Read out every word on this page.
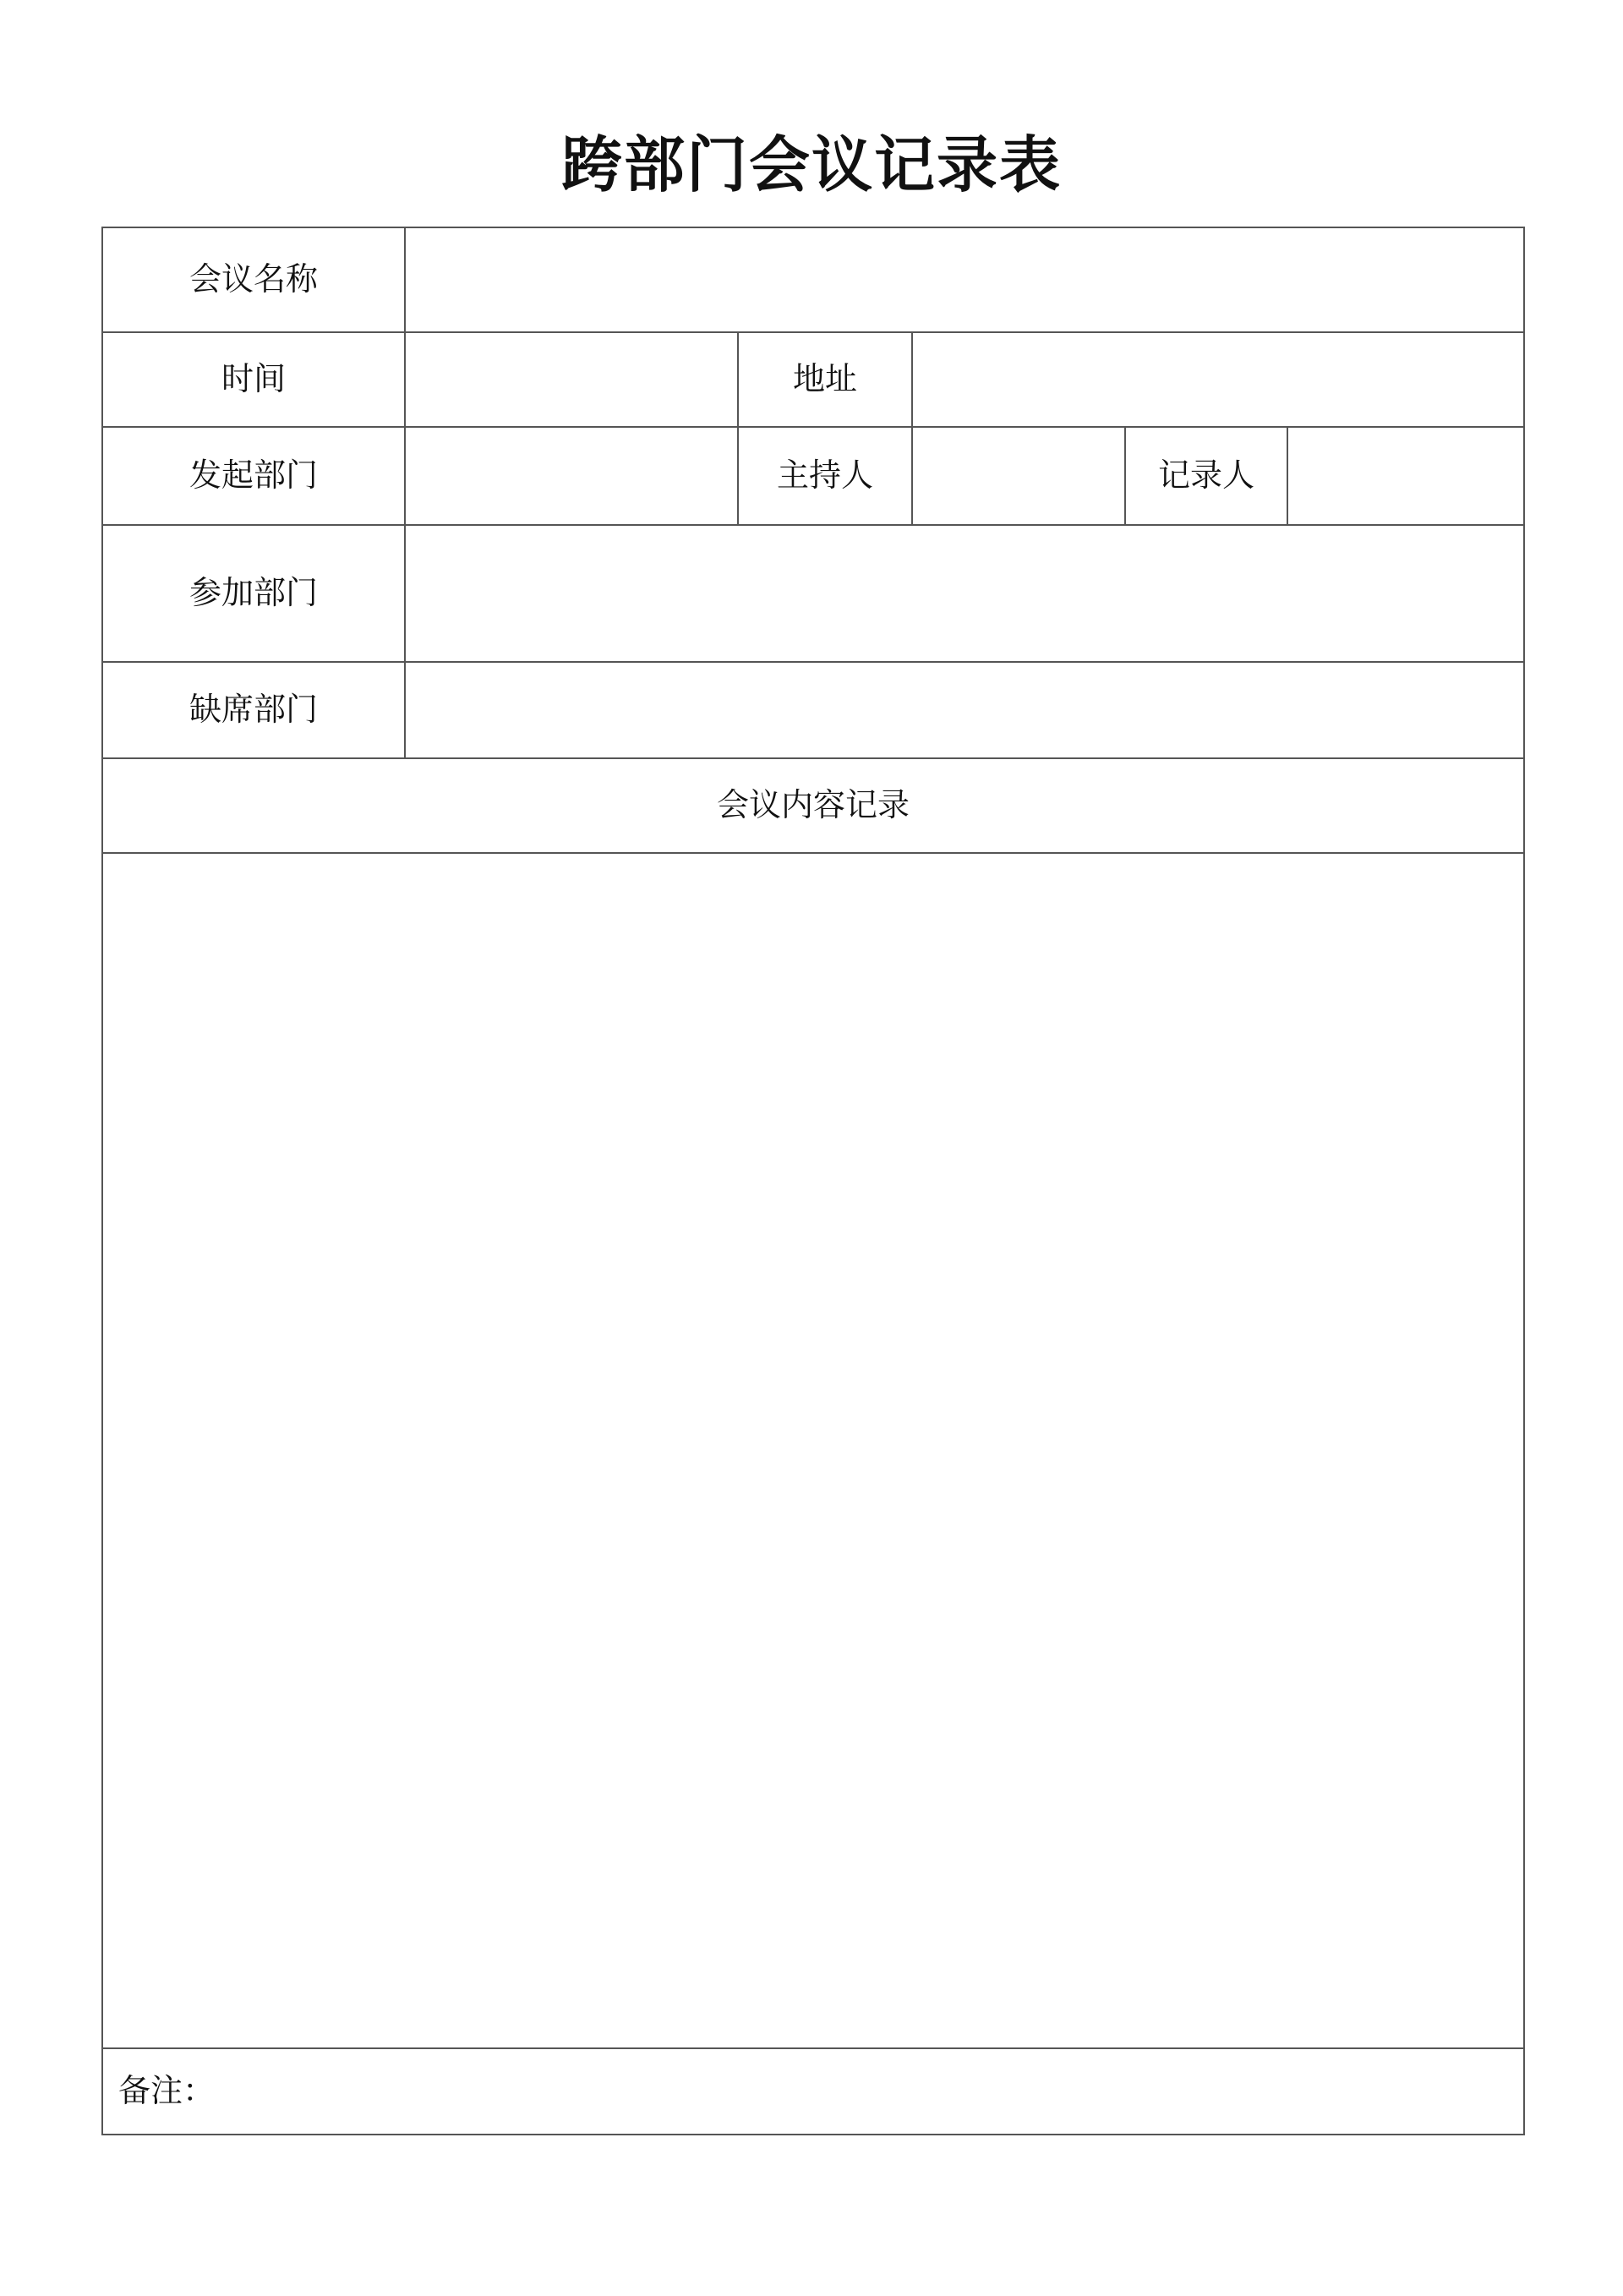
跨部门会议记录表
会议名称					
时间		地址			
发起部门		主持人		记录人	
参加部门					
缺席部门					
会议内容记录					

备注：					
